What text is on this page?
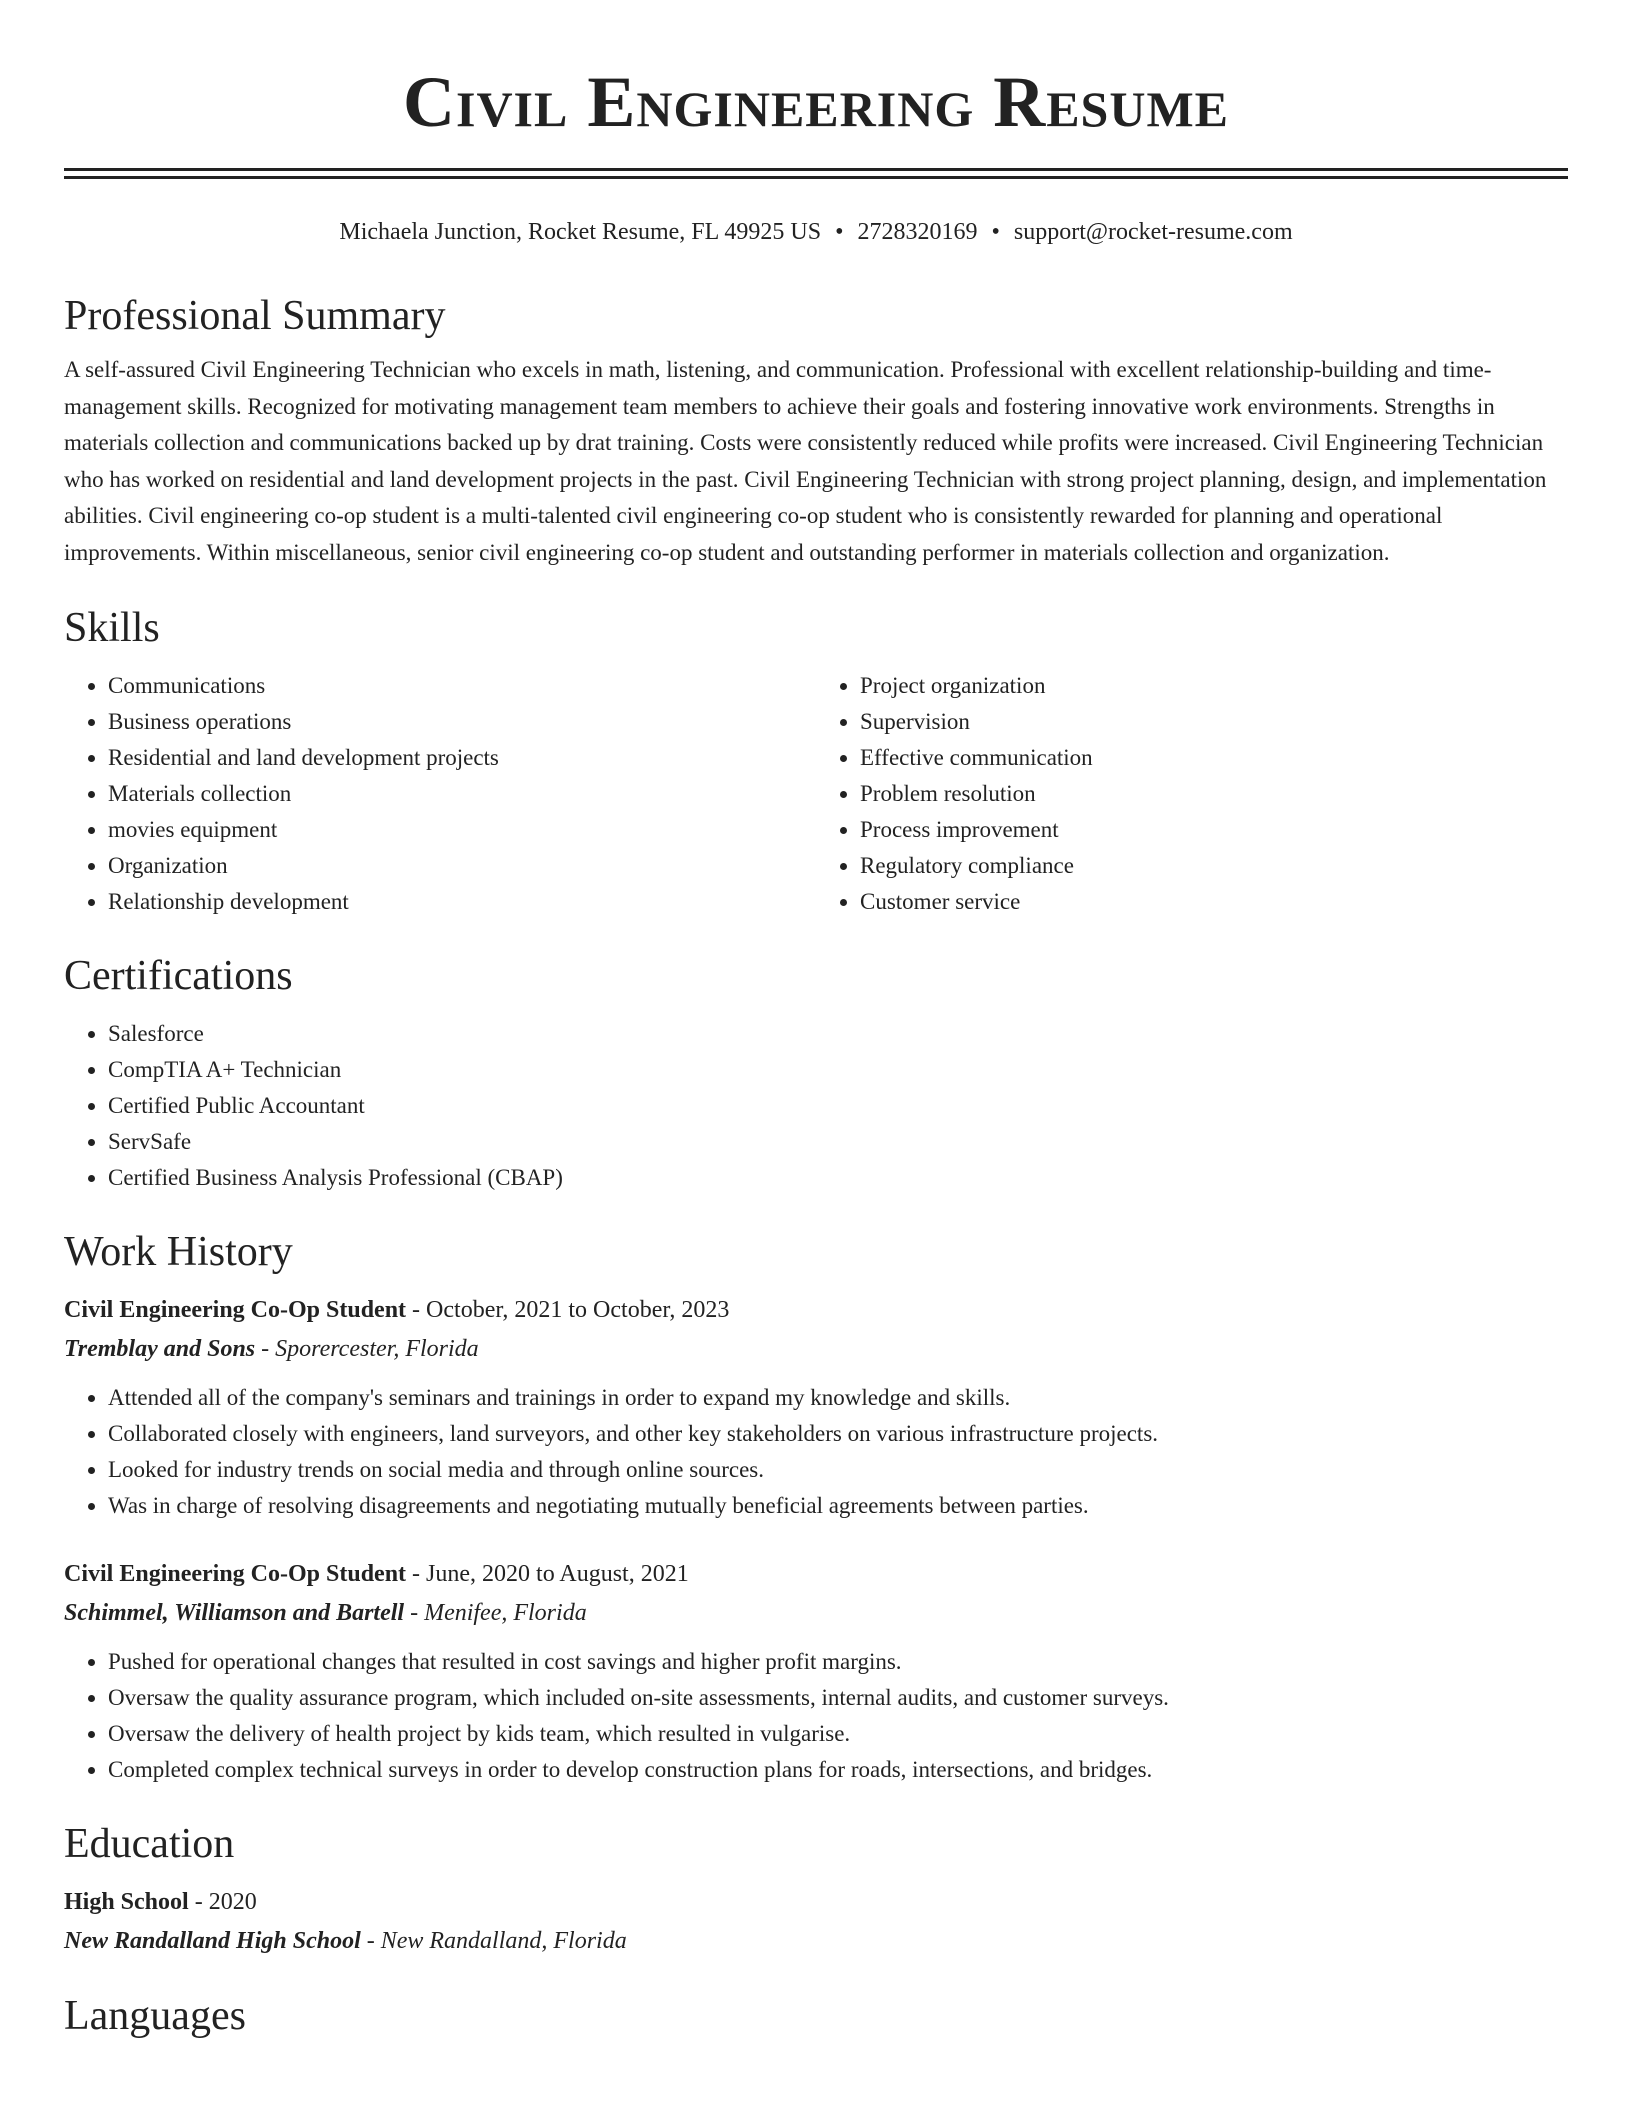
Civil Engineering Resume
Michaela Junction, Rocket Resume, FL 49925 US • 2728320169 • support@rocket-resume.com
Professional Summary

A self-assured Civil Engineering Technician who excels in math, listening, and communication. Professional with excellent relationship-building and time-management skills. Recognized for motivating management team members to achieve their goals and fostering innovative work environments. Strengths in materials collection and communications backed up by drat training. Costs were consistently reduced while profits were increased. Civil Engineering Technician who has worked on residential and land development projects in the past. Civil Engineering Technician with strong project planning, design, and implementation abilities. Civil engineering co-op student is a multi-talented civil engineering co-op student who is consistently rewarded for planning and operational improvements. Within miscellaneous, senior civil engineering co-op student and outstanding performer in materials collection and organization.

Skills
• Communications
• Business operations
• Residential and land development projects
• Materials collection
• movies equipment
• Organization
• Relationship development
• Project organization
• Supervision
• Effective communication
• Problem resolution
• Process improvement
• Regulatory compliance
• Customer service
Certifications
• Salesforce
• CompTIA A+ Technician
• Certified Public Accountant
• ServSafe
• Certified Business Analysis Professional (CBAP)
Work History
Civil Engineering Co-Op Student - October, 2021 to October, 2023
Tremblay and Sons - Sporercester, Florida
• Attended all of the company's seminars and trainings in order to expand my knowledge and skills.
• Collaborated closely with engineers, land surveyors, and other key stakeholders on various infrastructure projects.
• Looked for industry trends on social media and through online sources.
• Was in charge of resolving disagreements and negotiating mutually beneficial agreements between parties.
Civil Engineering Co-Op Student - June, 2020 to August, 2021
Schimmel, Williamson and Bartell - Menifee, Florida
• Pushed for operational changes that resulted in cost savings and higher profit margins.
• Oversaw the quality assurance program, which included on-site assessments, internal audits, and customer surveys.
• Oversaw the delivery of health project by kids team, which resulted in vulgarise.
• Completed complex technical surveys in order to develop construction plans for roads, intersections, and bridges.
Education
High School - 2020
New Randalland High School - New Randalland, Florida
Languages
